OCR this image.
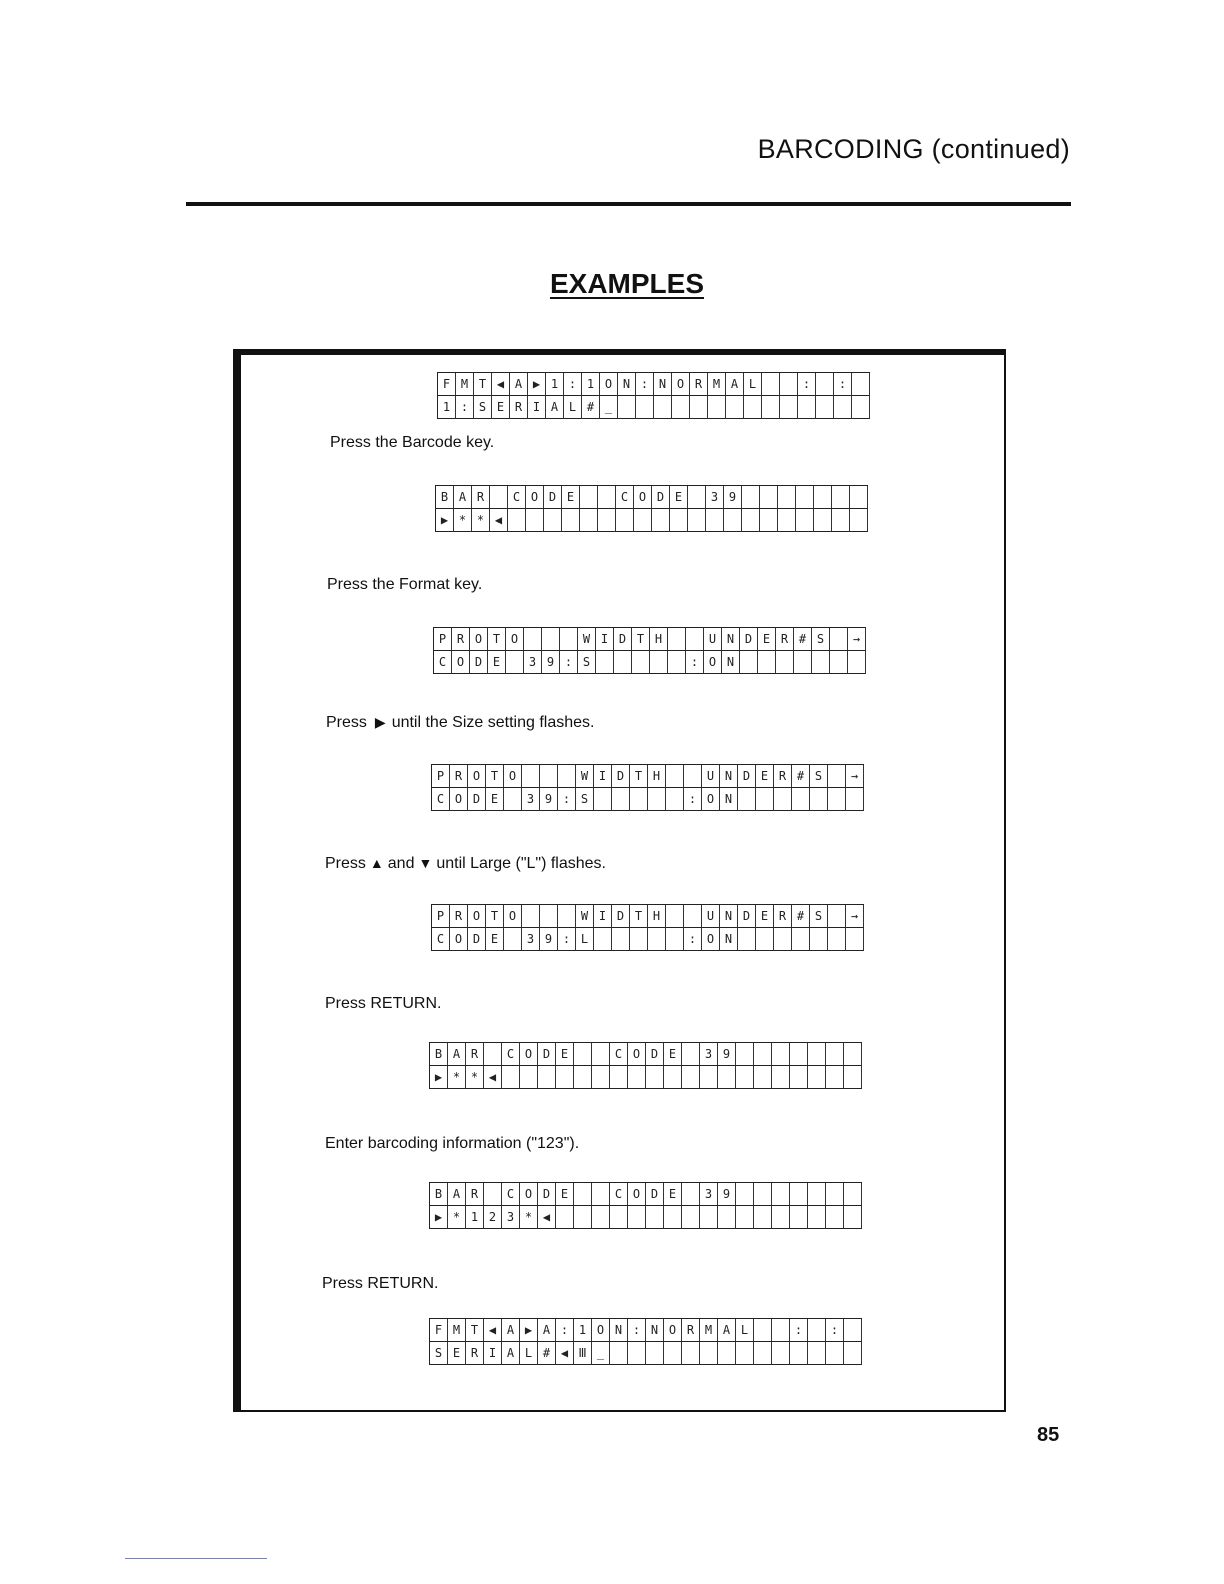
BARCODING (continued)
EXAMPLES
F M T ◀ A ▶ 1 : 1 O N : N O R M A L	:	:
1 : S E R I A L # _
Press the Barcode key.
B A R	C O D E	C O D E	3 9
▶ * * ◀
Press the Format key.
P R O T O	W I D T H	U N D E R # S	→
C O D E	3 9 : S	: O N
Press ▶ until the Size setting flashes.
P R O T O	W I D T H	U N D E R # S	→
C O D E	3 9 : S	: O N
Press ▲ and ▼ until Large ("L") flashes.
P R O T O	W I D T H	U N D E R # S	→
C O D E	3 9 : L	: O N
Press RETURN.
B A R	C O D E	C O D E	3 9
▶ * * ◀
Enter barcoding information ("123").
B A R	C O D E	C O D E	3 9
▶ * 1 2 3 * ◀
Press RETURN.
F M T ◀ A ▶ A : 1 O N : N O R M A L	:	:
S E R I A L # ◀ Ⅲ _
85
